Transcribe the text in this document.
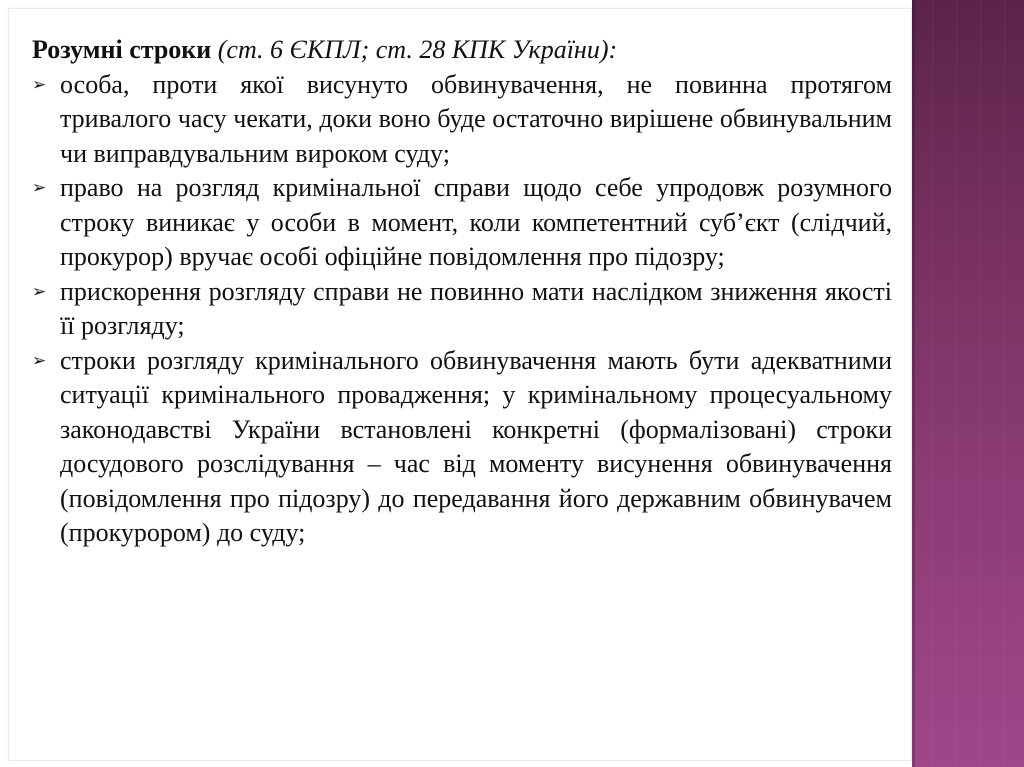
Розумні строки (ст. 6 ЄКПЛ; ст. 28 КПК України):

➢ особа, проти якої висунуто обвинувачення, не повинна протягом тривалого часу чекати, доки воно буде остаточно вирішене обвинувальним чи виправдувальним вироком суду;
➢ право на розгляд кримінальної справи щодо себе упродовж розумного строку виникає у особи в момент, коли компетентний суб’єкт (слідчий, прокурор) вручає особі офіційне повідомлення про підозру;
➢ прискорення розгляду справи не повинно мати наслідком зниження якості її розгляду;
➢ строки розгляду кримінального обвинувачення мають бути адекватними ситуації кримінального провадження; у кримінальному процесуальному законодавстві України встановлені конкретні (формалізовані) строки досудового розслідування – час від моменту висунення обвинувачення (повідомлення про підозру) до передавання його державним обвинувачем (прокурором) до суду;
